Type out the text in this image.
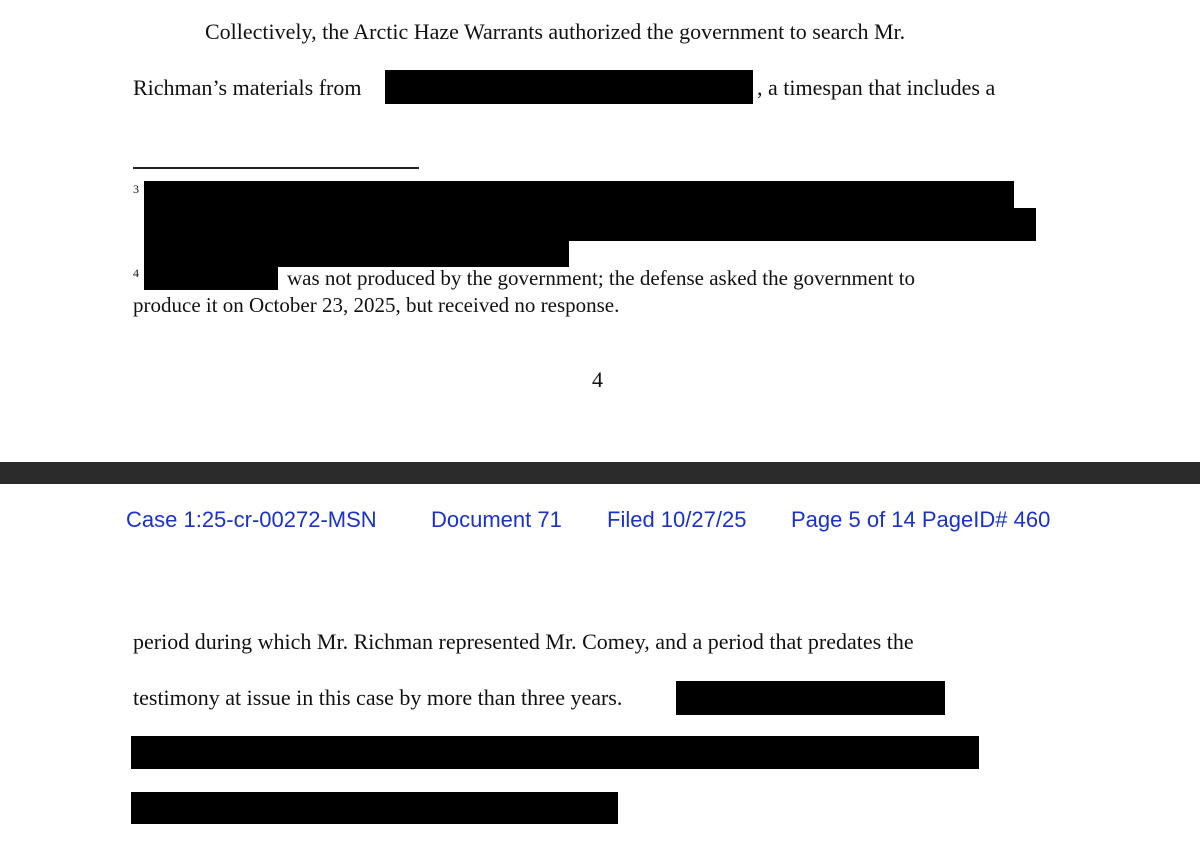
Collectively, the Arctic Haze Warrants authorized the government to search Mr.
Richman’s materials from	, a timespan that includes a
3
4	was not produced by the government; the defense asked the government to
produce it on October 23, 2025, but received no response.
4
Case 1:25-cr-00272-MSN Document 71 Filed 10/27/25 Page 5 of 14 PageID# 460
period during which Mr. Richman represented Mr. Comey, and a period that predates the
testimony at issue in this case by more than three years.
